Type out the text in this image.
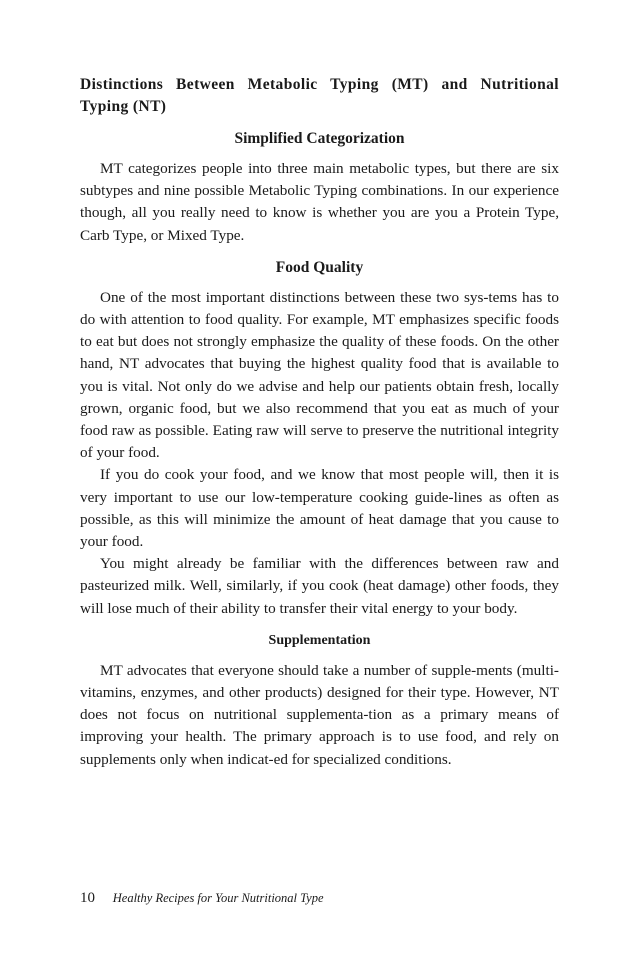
Distinctions Between Metabolic Typing (MT) and Nutritional Typing (NT)
Simplified Categorization

MT categorizes people into three main metabolic types, but there are six subtypes and nine possible Metabolic Typing combinations. In our experience though, all you really need to know is whether you are you a Protein Type, Carb Type, or Mixed Type.

Food Quality

One of the most important distinctions between these two sys-tems has to do with attention to food quality. For example, MT emphasizes specific foods to eat but does not strongly emphasize the quality of these foods. On the other hand, NT advocates that buying the highest quality food that is available to you is vital. Not only do we advise and help our patients obtain fresh, locally grown, organic food, but we also recommend that you eat as much of your food raw as possible. Eating raw will serve to preserve the nutritional integrity of your food.

If you do cook your food, and we know that most people will, then it is very important to use our low-temperature cooking guide-lines as often as possible, as this will minimize the amount of heat damage that you cause to your food.

You might already be familiar with the differences between raw and pasteurized milk. Well, similarly, if you cook (heat damage) other foods, they will lose much of their ability to transfer their vital energy to your body.

Supplementation

MT advocates that everyone should take a number of supple-ments (multi-vitamins, enzymes, and other products) designed for their type. However, NT does not focus on nutritional supplementa-tion as a primary means of improving your health. The primary approach is to use food, and rely on supplements only when indicat-ed for specialized conditions.

10 Healthy Recipes for Your Nutritional Type
